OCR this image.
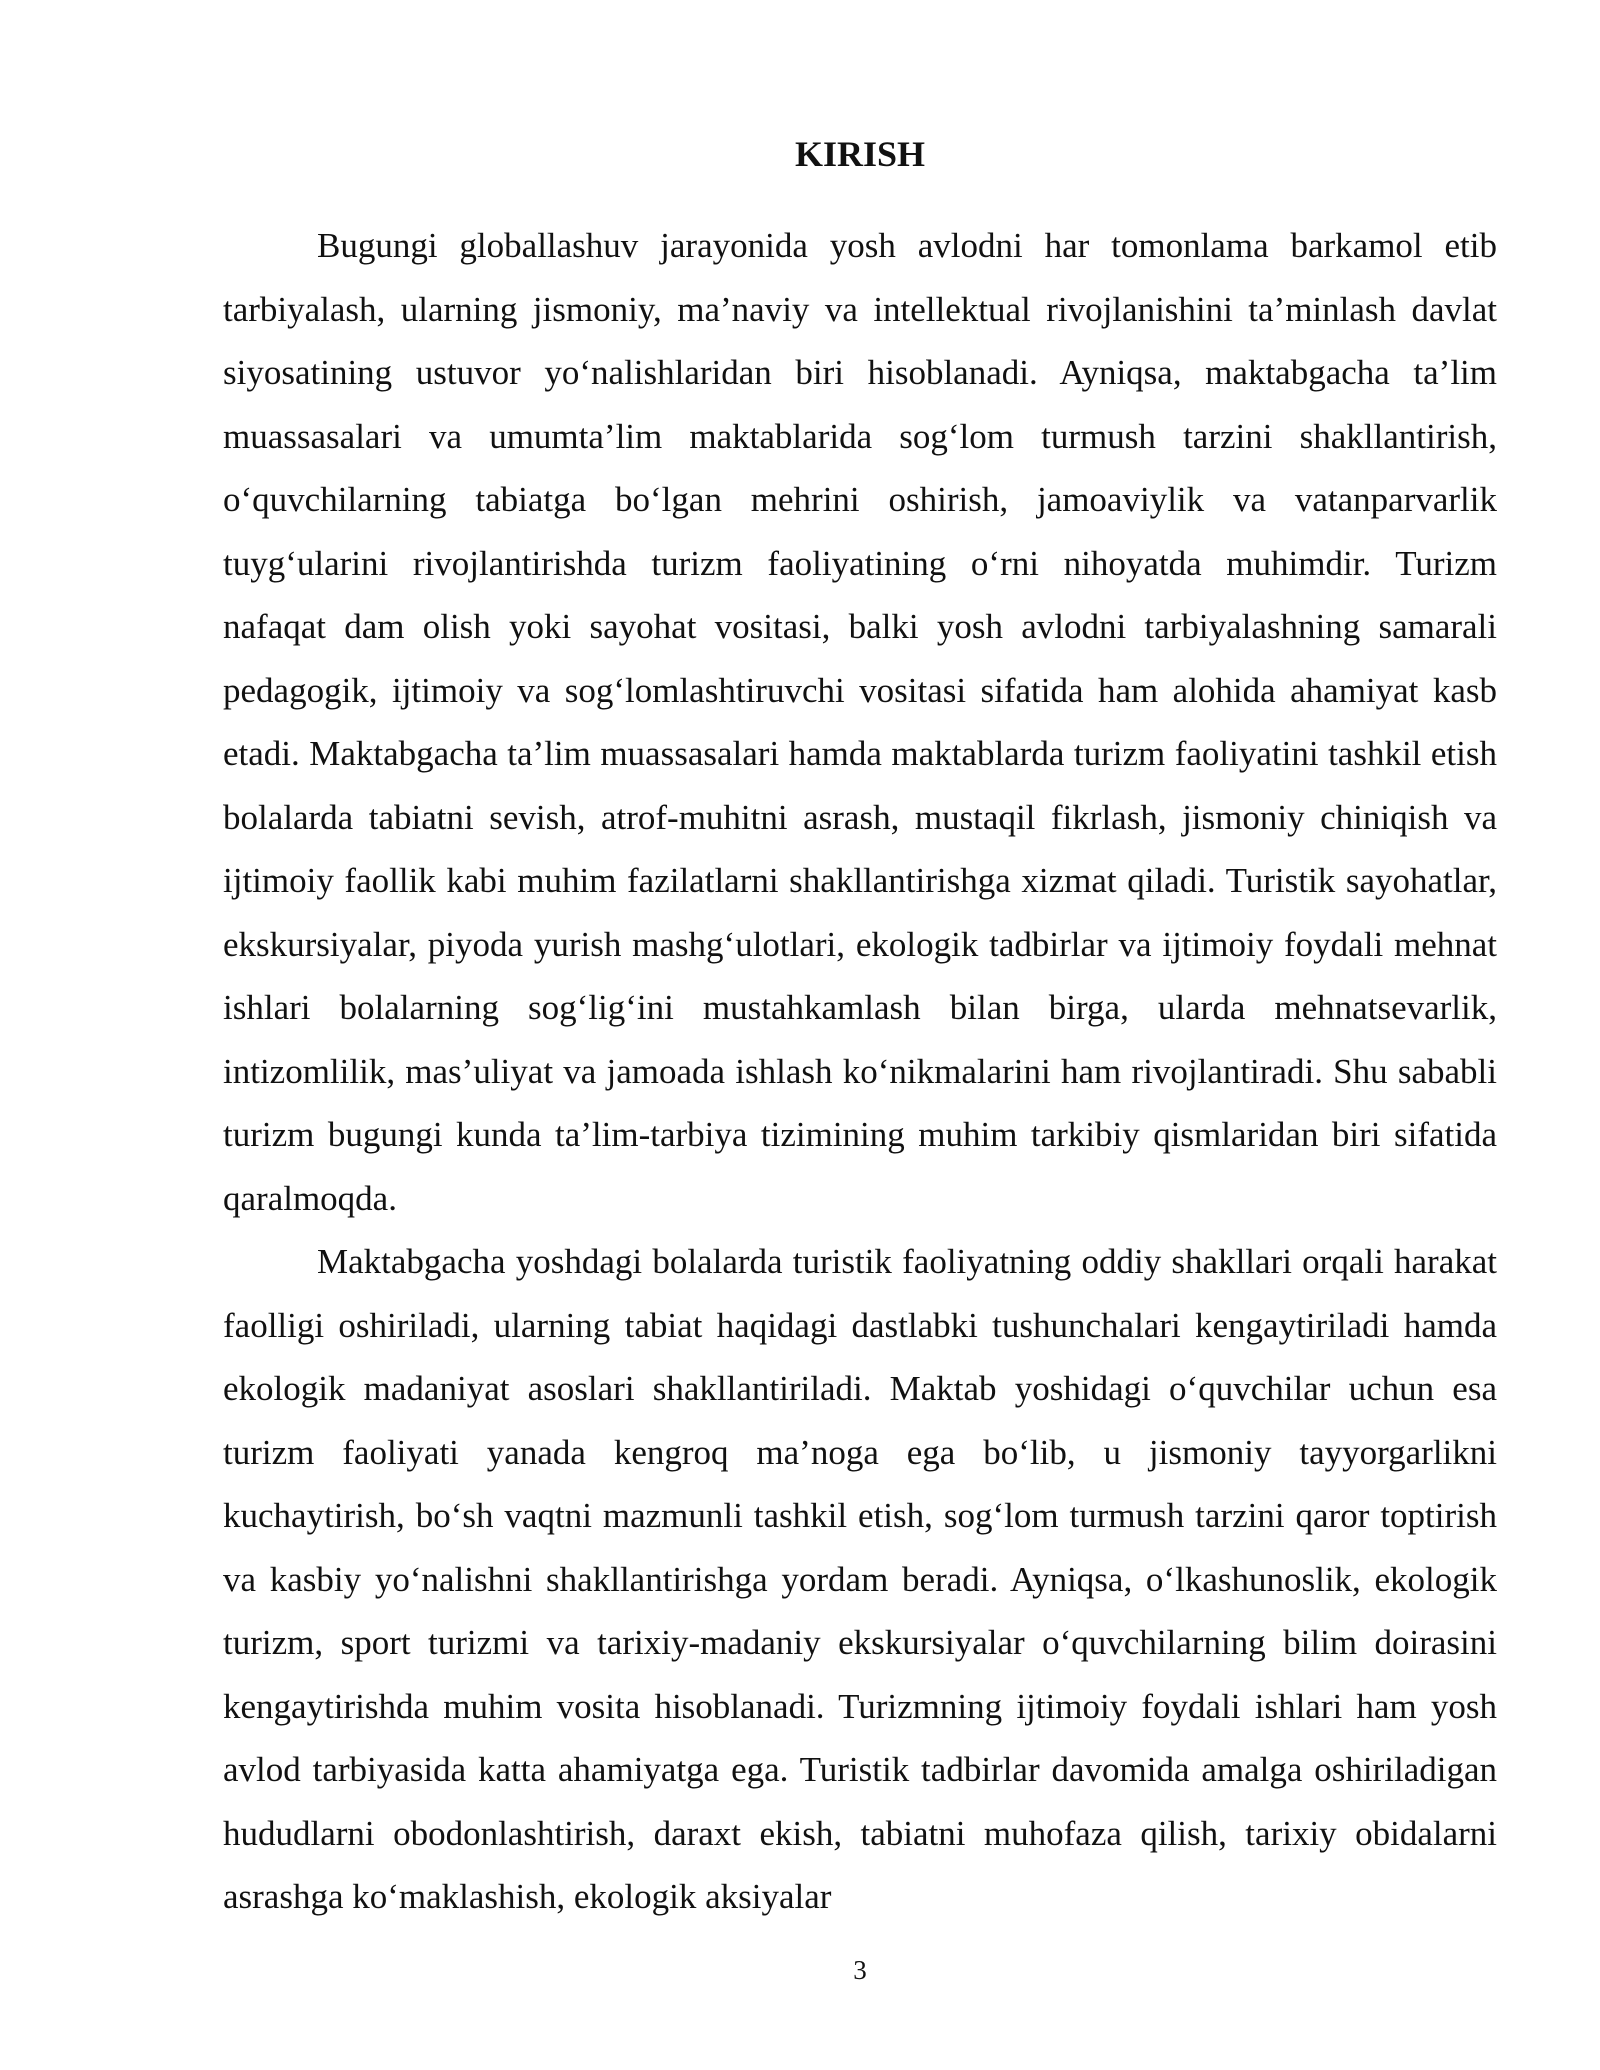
KIRISH

Bugungi globallashuv jarayonida yosh avlodni har tomonlama barkamol etib tarbiyalash, ularning jismoniy, ma’naviy va intellektual rivojlanishini ta’minlash davlat siyosatining ustuvor yo‘nalishlaridan biri hisoblanadi. Ayniqsa, maktabgacha ta’lim muassasalari va umumta’lim maktablarida sog‘lom turmush tarzini shakllantirish, o‘quvchilarning tabiatga bo‘lgan mehrini oshirish, jamoaviylik va vatanparvarlik tuyg‘ularini rivojlantirishda turizm faoliyatining o‘rni nihoyatda muhimdir. Turizm nafaqat dam olish yoki sayohat vositasi, balki yosh avlodni tarbiyalashning samarali pedagogik, ijtimoiy va sog‘lomlashtiruvchi vositasi sifatida ham alohida ahamiyat kasb etadi. Maktabgacha ta’lim muassasalari hamda maktablarda turizm faoliyatini tashkil etish bolalarda tabiatni sevish, atrof-muhitni asrash, mustaqil fikrlash, jismoniy chiniqish va ijtimoiy faollik kabi muhim fazilatlarni shakllantirishga xizmat qiladi. Turistik sayohatlar, ekskursiyalar, piyoda yurish mashg‘ulotlari, ekologik tadbirlar va ijtimoiy foydali mehnat ishlari bolalarning sog‘lig‘ini mustahkamlash bilan birga, ularda mehnatsevarlik, intizomlilik, mas’uliyat va jamoada ishlash ko‘nikmalarini ham rivojlantiradi. Shu sababli turizm bugungi kunda ta’lim-tarbiya tizimining muhim tarkibiy qismlaridan biri sifatida qaralmoqda.

Maktabgacha yoshdagi bolalarda turistik faoliyatning oddiy shakllari orqali harakat faolligi oshiriladi, ularning tabiat haqidagi dastlabki tushunchalari kengaytiriladi hamda ekologik madaniyat asoslari shakllantiriladi. Maktab yoshidagi o‘quvchilar uchun esa turizm faoliyati yanada kengroq ma’noga ega bo‘lib, u jismoniy tayyorgarlikni kuchaytirish, bo‘sh vaqtni mazmunli tashkil etish, sog‘lom turmush tarzini qaror toptirish va kasbiy yo‘nalishni shakllantirishga yordam beradi. Ayniqsa, o‘lkashunoslik, ekologik turizm, sport turizmi va tarixiy-madaniy ekskursiyalar o‘quvchilarning bilim doirasini kengaytirishda muhim vosita hisoblanadi. Turizmning ijtimoiy foydali ishlari ham yosh avlod tarbiyasida katta ahamiyatga ega. Turistik tadbirlar davomida amalga oshiriladigan hududlarni obodonlashtirish, daraxt ekish, tabiatni muhofaza qilish, tarixiy obidalarni asrashga ko‘maklashish, ekologik aksiyalar

3
